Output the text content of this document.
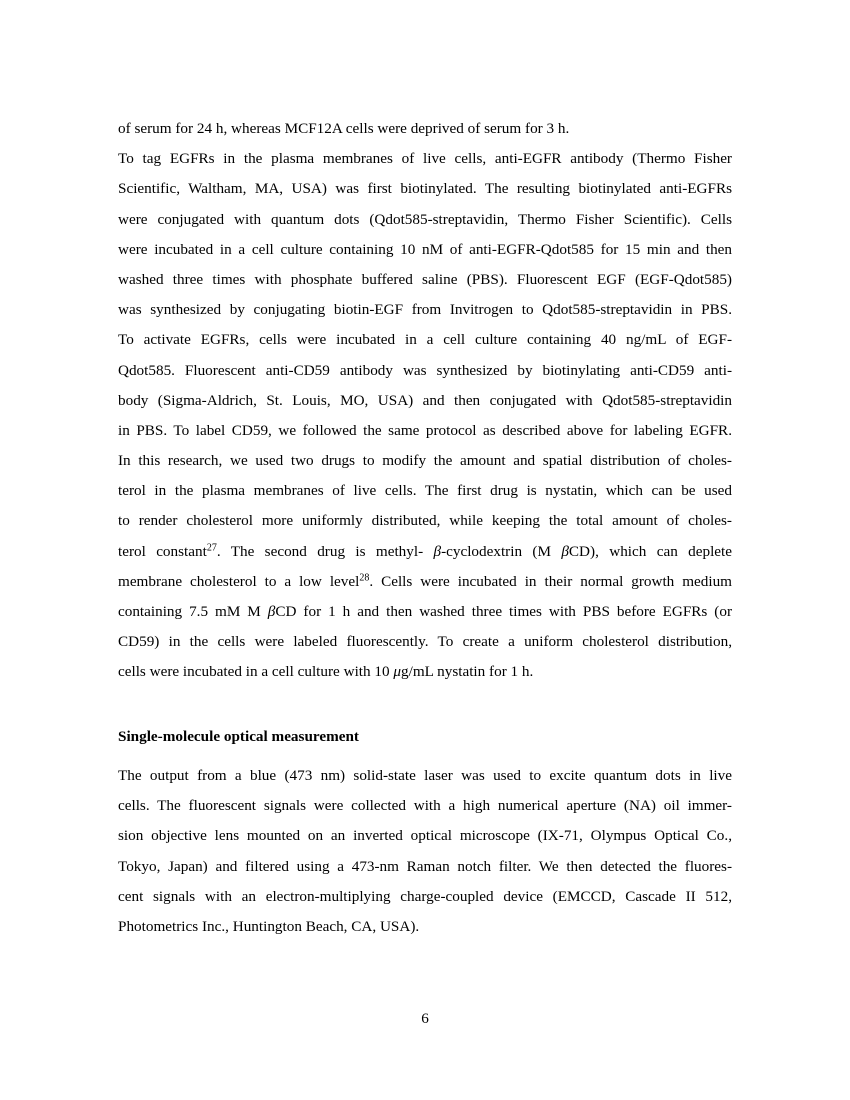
of serum for 24 h, whereas MCF12A cells were deprived of serum for 3 h.
To tag EGFRs in the plasma membranes of live cells, anti-EGFR antibody (Thermo Fisher
Scientific, Waltham, MA, USA) was first biotinylated. The resulting biotinylated anti-EGFRs
were conjugated with quantum dots (Qdot585-streptavidin, Thermo Fisher Scientific). Cells
were incubated in a cell culture containing 10 nM of anti-EGFR-Qdot585 for 15 min and then
washed three times with phosphate buffered saline (PBS). Fluorescent EGF (EGF-Qdot585)
was synthesized by conjugating biotin-EGF from Invitrogen to Qdot585-streptavidin in PBS.
To activate EGFRs, cells were incubated in a cell culture containing 40 ng/mL of EGF-
Qdot585. Fluorescent anti-CD59 antibody was synthesized by biotinylating anti-CD59 anti-
body (Sigma-Aldrich, St. Louis, MO, USA) and then conjugated with Qdot585-streptavidin
in PBS. To label CD59, we followed the same protocol as described above for labeling EGFR.
In this research, we used two drugs to modify the amount and spatial distribution of choles-
terol in the plasma membranes of live cells. The first drug is nystatin, which can be used
to render cholesterol more uniformly distributed, while keeping the total amount of choles-
terol constant$^{27}$. The second drug is methyl- β-cyclodextrin (M βCD), which can deplete
membrane cholesterol to a low level$^{28}$. Cells were incubated in their normal growth medium
containing 7.5 mM M βCD for 1 h and then washed three times with PBS before EGFRs (or
CD59) in the cells were labeled fluorescently. To create a uniform cholesterol distribution,
cells were incubated in a cell culture with 10 μg/mL nystatin for 1 h.
Single-molecule optical measurement
The output from a blue (473 nm) solid-state laser was used to excite quantum dots in live
cells. The fluorescent signals were collected with a high numerical aperture (NA) oil immer-
sion objective lens mounted on an inverted optical microscope (IX-71, Olympus Optical Co.,
Tokyo, Japan) and filtered using a 473-nm Raman notch filter. We then detected the fluores-
cent signals with an electron-multiplying charge-coupled device (EMCCD, Cascade II 512,
Photometrics Inc., Huntington Beach, CA, USA).
6
